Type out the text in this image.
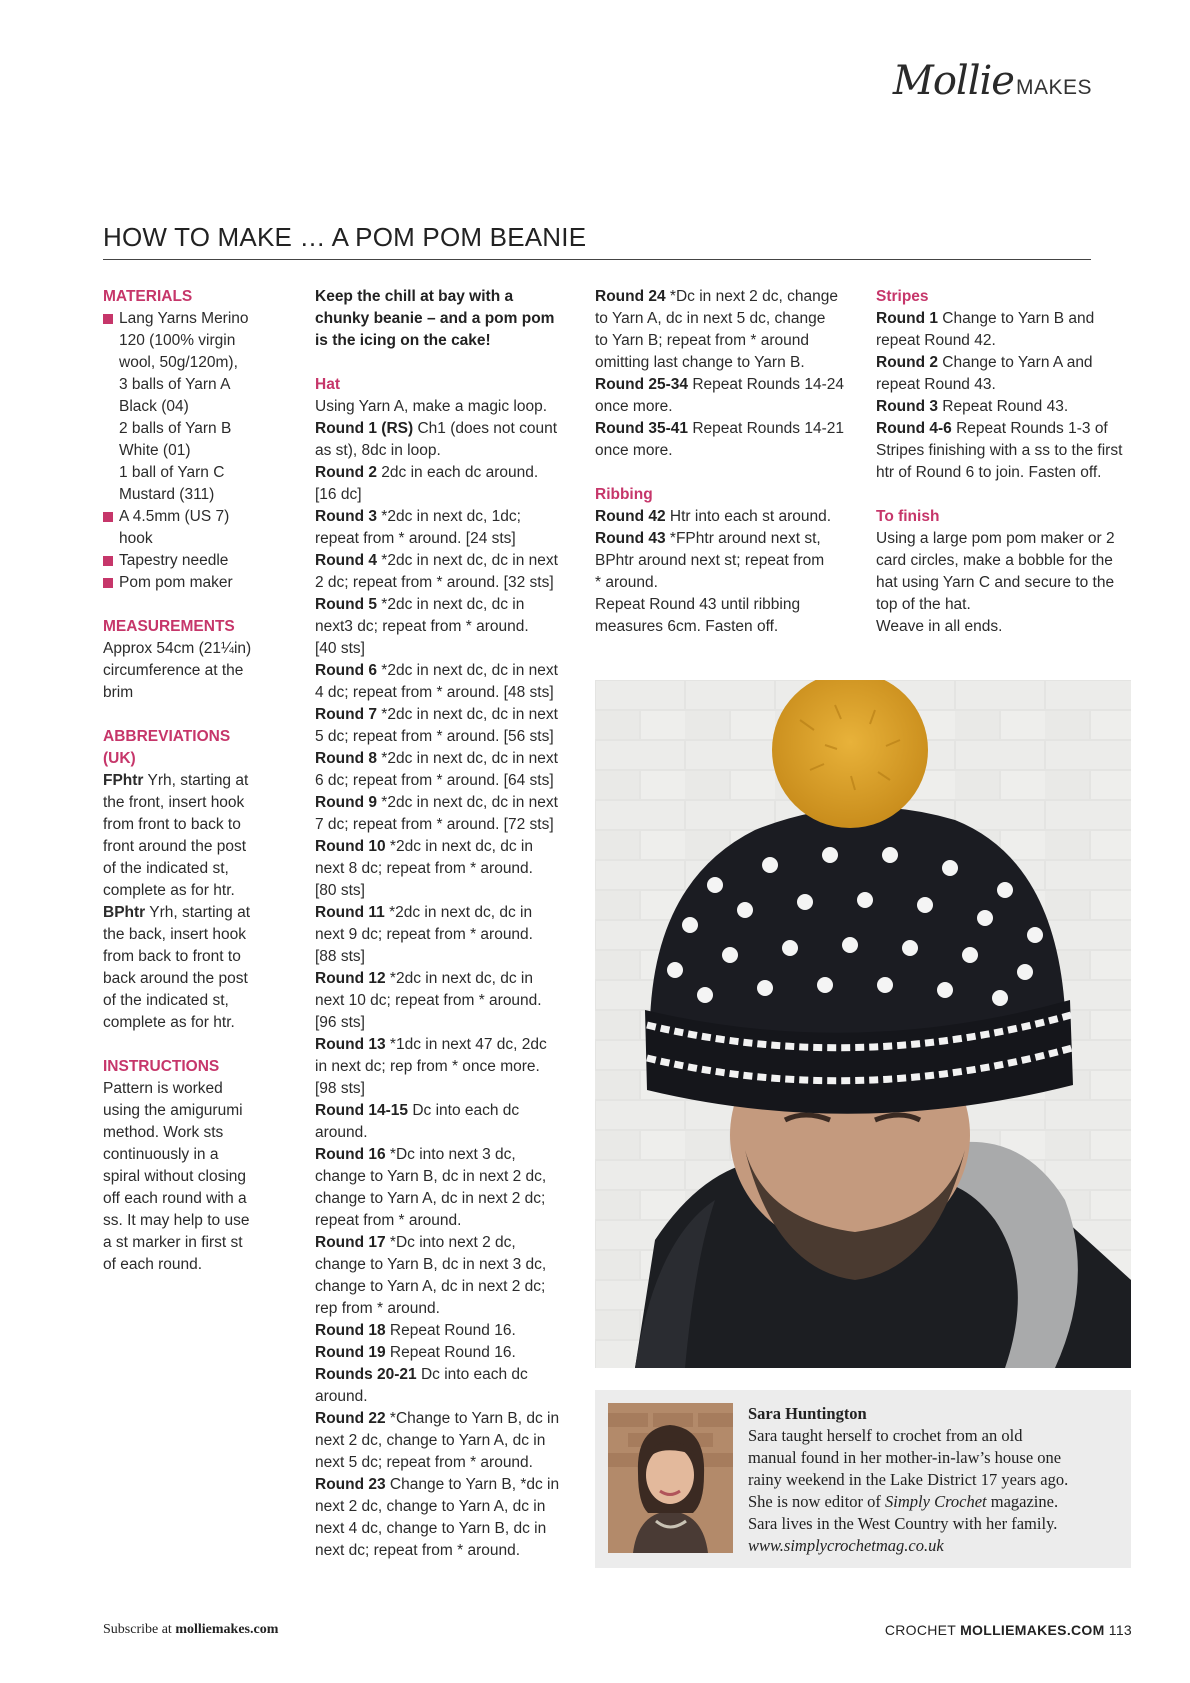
Mollie MAKES
HOW TO MAKE … A POM POM BEANIE
MATERIALS

Lang Yarns Merino

120 (100% virgin

wool, 50g/120m),

3 balls of Yarn A

Black (04)

2 balls of Yarn B

White (01)

1 ball of Yarn C

Mustard (311)

A 4.5mm (US 7)

hook

Tapestry needle

Pom pom maker

MEASUREMENTS

Approx 54cm (21¼in)

circumference at the

brim

ABBREVIATIONS
(UK)

FPhtr Yrh, starting at

the front, insert hook

from front to back to

front around the post

of the indicated st,

complete as for htr.

BPhtr Yrh, starting at

the back, insert hook

from back to front to

back around the post

of the indicated st,

complete as for htr.

INSTRUCTIONS

Pattern is worked

using the amigurumi

method. Work sts

continuously in a

spiral without closing

off each round with a

ss. It may help to use

a st marker in first st

of each round.

Keep the chill at bay with a

chunky beanie – and a pom pom

is the icing on the cake!

Hat

Using Yarn A, make a magic loop.

Round 1 (RS) Ch1 (does not count

as st), 8dc in loop.

Round 2 2dc in each dc around.

[16 dc]

Round 3 *2dc in next dc, 1dc;

repeat from * around. [24 sts]

Round 4 *2dc in next dc, dc in next

2 dc; repeat from * around. [32 sts]

Round 5 *2dc in next dc, dc in

next3 dc; repeat from * around.

[40 sts]

Round 6 *2dc in next dc, dc in next

4 dc; repeat from * around. [48 sts]

Round 7 *2dc in next dc, dc in next

5 dc; repeat from * around. [56 sts]

Round 8 *2dc in next dc, dc in next

6 dc; repeat from * around. [64 sts]

Round 9 *2dc in next dc, dc in next

7 dc; repeat from * around. [72 sts]

Round 10 *2dc in next dc, dc in

next 8 dc; repeat from * around.

[80 sts]

Round 11 *2dc in next dc, dc in

next 9 dc; repeat from * around.

[88 sts]

Round 12 *2dc in next dc, dc in

next 10 dc; repeat from * around.

[96 sts]

Round 13 *1dc in next 47 dc, 2dc

in next dc; rep from * once more.

[98 sts]

Round 14-15 Dc into each dc

around.

Round 16 *Dc into next 3 dc,

change to Yarn B, dc in next 2 dc,

change to Yarn A, dc in next 2 dc;

repeat from * around.

Round 17 *Dc into next 2 dc,

change to Yarn B, dc in next 3 dc,

change to Yarn A, dc in next 2 dc;

rep from * around.

Round 18 Repeat Round 16.

Round 19 Repeat Round 16.

Rounds 20-21 Dc into each dc

around.

Round 22 *Change to Yarn B, dc in

next 2 dc, change to Yarn A, dc in

next 5 dc; repeat from * around.

Round 23 Change to Yarn B, *dc in

next 2 dc, change to Yarn A, dc in

next 4 dc, change to Yarn B, dc in

next dc; repeat from * around.

Round 24 *Dc in next 2 dc, change

to Yarn A, dc in next 5 dc, change

to Yarn B; repeat from * around

omitting last change to Yarn B.

Round 25-34 Repeat Rounds 14-24

once more.

Round 35-41 Repeat Rounds 14-21

once more.

Ribbing

Round 42 Htr into each st around.

Round 43 *FPhtr around next st,

BPhtr around next st; repeat from

* around.

Repeat Round 43 until ribbing

measures 6cm. Fasten off.

Stripes

Round 1 Change to Yarn B and

repeat Round 42.

Round 2 Change to Yarn A and

repeat Round 43.

Round 3 Repeat Round 43.

Round 4-6 Repeat Rounds 1-3 of

Stripes finishing with a ss to the first

htr of Round 6 to join. Fasten off.

To finish

Using a large pom pom maker or 2

card circles, make a bobble for the

hat using Yarn C and secure to the

top of the hat.

Weave in all ends.

Sara Huntington

Sara taught herself to crochet from an old

manual found in her mother-in-law’s house one

rainy weekend in the Lake District 17 years ago.

She is now editor of Simply Crochet magazine.

Sara lives in the West Country with her family.

www.simplycrochetmag.co.uk
Subscribe at molliemakes.com	CROCHET MOLLIEMAKES.COM 113
